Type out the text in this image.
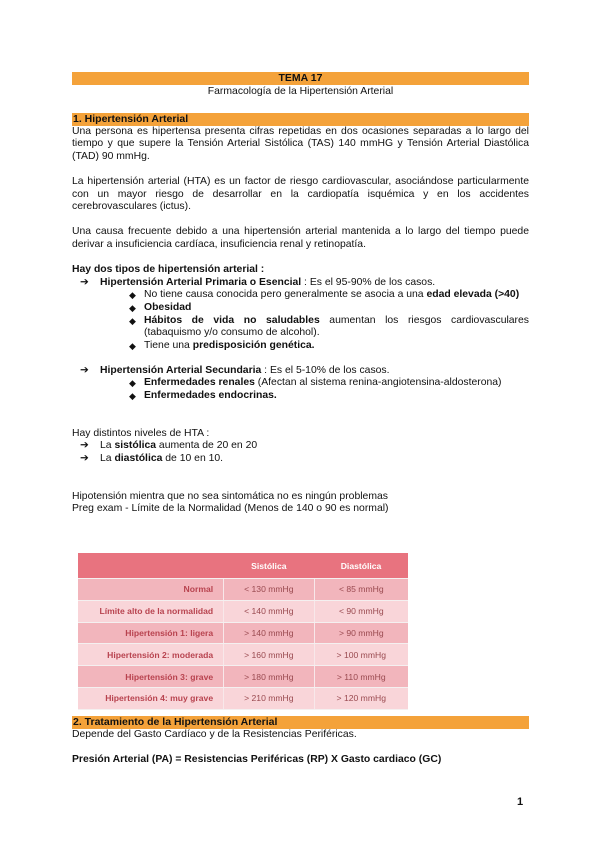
TEMA 17
Farmacología de la Hipertensión Arterial
1. Hipertensión Arterial

Una persona es hipertensa presenta cifras repetidas en dos ocasiones separadas a lo largo del tiempo y que supere la Tensión Arterial Sistólica (TAS) 140 mmHG y Tensión Arterial Diastólica (TAD) 90 mmHg.

La hipertensión arterial (HTA) es un factor de riesgo cardiovascular, asociándose particularmente con un mayor riesgo de desarrollar en la cardiopatía isquémica y en los accidentes cerebrovasculares (ictus).

Una causa frecuente debido a una hipertensión arterial mantenida a lo largo del tiempo puede derivar a insuficiencia cardíaca, insuficiencia renal y retinopatía.

Hay dos tipos de hipertensión arterial :

➔	Hipertensión Arterial Primaria o Esencial : Es el 95-90% de los casos.
◆ No tiene causa conocida pero generalmente se asocia a una edad elevada (>40)
◆ Obesidad
◆ Hábitos de vida no saludables aumentan los riesgos cardiovasculares (tabaquismo y/o consumo de alcohol).
◆ Tiene una predisposición genética.
➔	Hipertensión Arterial Secundaria : Es el 5-10% de los casos.
◆ Enfermedades renales (Afectan al sistema renina-angiotensina-aldosterona)
◆ Enfermedades endocrinas.

Hay distintos niveles de HTA :

➔	La sistólica aumenta de 20 en 20
➔	La diastólica de 10 en 10.

Hipotensión mientra que no sea sintomática no es ningún problemas

Preg exam - Límite de la Normalidad (Menos de 140 o 90 es normal)

	Sistólica	Diastólica
Normal	< 130 mmHg	< 85 mmHg
Límite alto de la normalidad	< 140 mmHg	< 90 mmHg
Hipertensión 1: ligera	> 140 mmHg	> 90 mmHg
Hipertensión 2: moderada	> 160 mmHg	> 100 mmHg
Hipertensión 3: grave	> 180 mmHg	> 110 mmHg
Hipertensión 4: muy grave	> 210 mmHg	> 120 mmHg
2. Tratamiento de la Hipertensión Arterial

Depende del Gasto Cardíaco y de la Resistencias Periféricas.

Presión Arterial (PA) = Resistencias Periféricas (RP) X Gasto cardiaco (GC)

1
